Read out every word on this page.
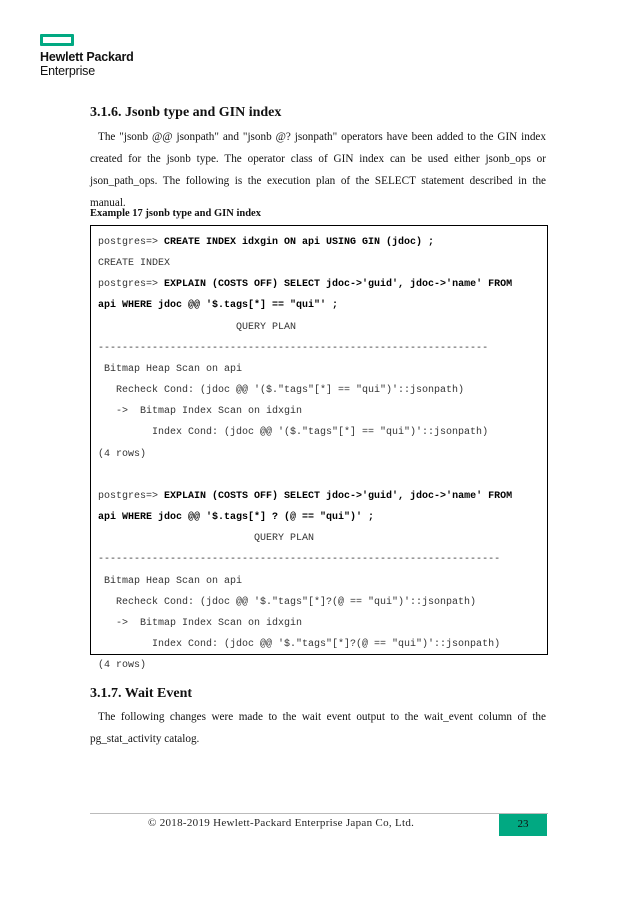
Hewlett Packard
Enterprise
3.1.6. Jsonb type and GIN index
The "jsonb @@ jsonpath" and "jsonb @? jsonpath" operators have been added to the GIN index created for the jsonb type. The operator class of GIN index can be used either jsonb_ops or json_path_ops. The following is the execution plan of the SELECT statement described in the manual.
Example 17 jsonb type and GIN index
postgres=> CREATE INDEX idxgin ON api USING GIN (jdoc) ;
CREATE INDEX
postgres=> EXPLAIN (COSTS OFF) SELECT jdoc->'guid', jdoc->'name' FROM
api WHERE jdoc @@ '$.tags[*] == "qui"' ;
QUERY PLAN
-----------------------------------------------------------------
Bitmap Heap Scan on api
Recheck Cond: (jdoc @@ '($."tags"[*] == "qui")'::jsonpath)
->  Bitmap Index Scan on idxgin
Index Cond: (jdoc @@ '($."tags"[*] == "qui")'::jsonpath)
(4 rows)

postgres=> EXPLAIN (COSTS OFF) SELECT jdoc->'guid', jdoc->'name' FROM
api WHERE jdoc @@ '$.tags[*] ? (@ == "qui")' ;
QUERY PLAN
-------------------------------------------------------------------
Bitmap Heap Scan on api
Recheck Cond: (jdoc @@ '$."tags"[*]?(@ == "qui")'::jsonpath)
->  Bitmap Index Scan on idxgin
Index Cond: (jdoc @@ '$."tags"[*]?(@ == "qui")'::jsonpath)
(4 rows)
3.1.7. Wait Event
The following changes were made to the wait event output to the wait_event column of the pg_stat_activity catalog.
© 2018-2019 Hewlett-Packard Enterprise Japan Co, Ltd.	23
